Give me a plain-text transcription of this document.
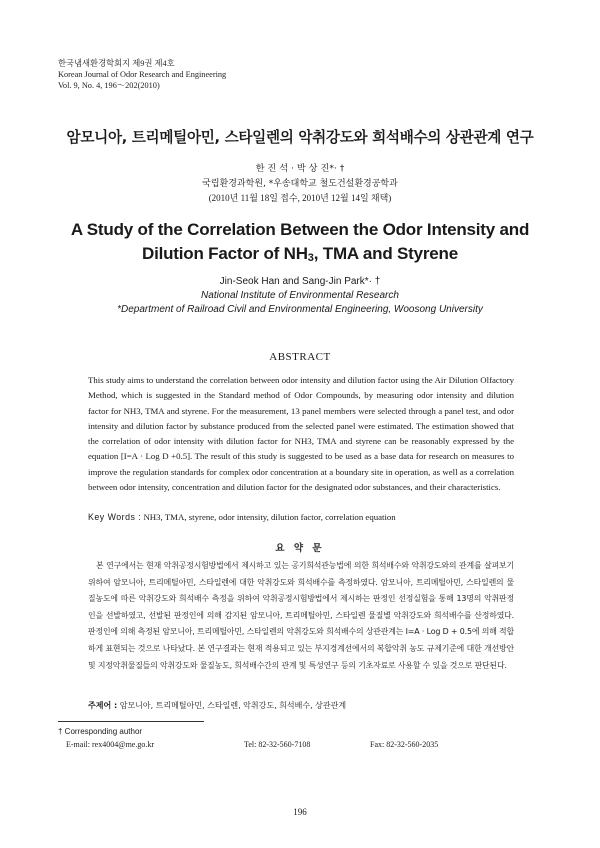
한국냄새환경학회지 제9권 제4호
Korean Journal of Odor Research and Engineering
Vol. 9, No. 4, 196～202(2010)
암모니아, 트리메틸아민, 스타일렌의 악취강도와 희석배수의 상관관계 연구
한 진 석 · 박 상 진*· †
국립환경과학원, *우송대학교 철도건설환경공학과
(2010년 11월 18일 접수, 2010년 12월 14일 채택)
A Study of the Correlation Between the Odor Intensity and
Dilution Factor of NH3, TMA and Styrene
Jin-Seok Han and Sang-Jin Park*· †
National Institute of Environmental Research
*Department of Railroad Civil and Environmental Engineering, Woosong University
ABSTRACT
This study aims to understand the correlation between odor intensity and dilution factor using the Air Dilution Olfactory Method, which is suggested in the Standard method of Odor Compounds, by measuring odor intensity and dilution factor for NH3, TMA and styrene. For the measurement, 13 panel members were selected through a panel test, and odor intensity and dilution factor by substance produced from the selected panel were estimated. The estimation showed that the correlation of odor intensity with dilution factor for NH3, TMA and styrene can be reasonably expressed by the equation [I=A · Log D +0.5]. The result of this study is suggested to be used as a base data for research on measures to improve the regulation standards for complex odor concentration at a boundary site in operation, as well as a correlation between odor intensity, concentration and dilution factor for the designated odor substances, and their characteristics.
Key Words : NH3, TMA, styrene, odor intensity, dilution factor, correlation equation
요 약 문
본 연구에서는 현재 악취공정시험방법에서 제시하고 있는 공기희석관능법에 의한 희석배수와 악취강도와의 관계를 살펴보기 위하여 암모니아, 트리메틸아민, 스타일렌에 대한 악취강도와 희석배수를 측정하였다. 암모니아, 트리메틸아민, 스타일렌의 물질농도에 따른 악취강도와 희석배수 측정을 위하여 악취공정시험방법에서 제시하는 판정인 선정실험을 통해 13명의 악취판정인을 선발하였고, 선발된 판정인에 의해 감지된 암모니아, 트리메틸아민, 스타일렌 물질별 악취강도와 희석배수를 산정하였다. 판정인에 의해 측정된 암모니아, 트리메틸아민, 스타일렌의 악취강도와 희석배수의 상관관계는 I=A · Log D + 0.5에 의해 적합하게 표현되는 것으로 나타났다. 본 연구결과는 현재 적용되고 있는 부지경계선에서의 복합악취 농도 규제기준에 대한 개선방안 및 지정악취물질들의 악취강도와 물질농도, 희석배수간의 관계 및 특성연구 등의 기초자료로 사용할 수 있을 것으로 판단된다.
주제어 : 암모니아, 트리메틸아민, 스타일렌, 악취강도, 희석배수, 상관관계
† Corresponding author
E-mail: rex4004@me.go.kr	Tel: 82-32-560-7108	Fax: 82-32-560-2035
196
